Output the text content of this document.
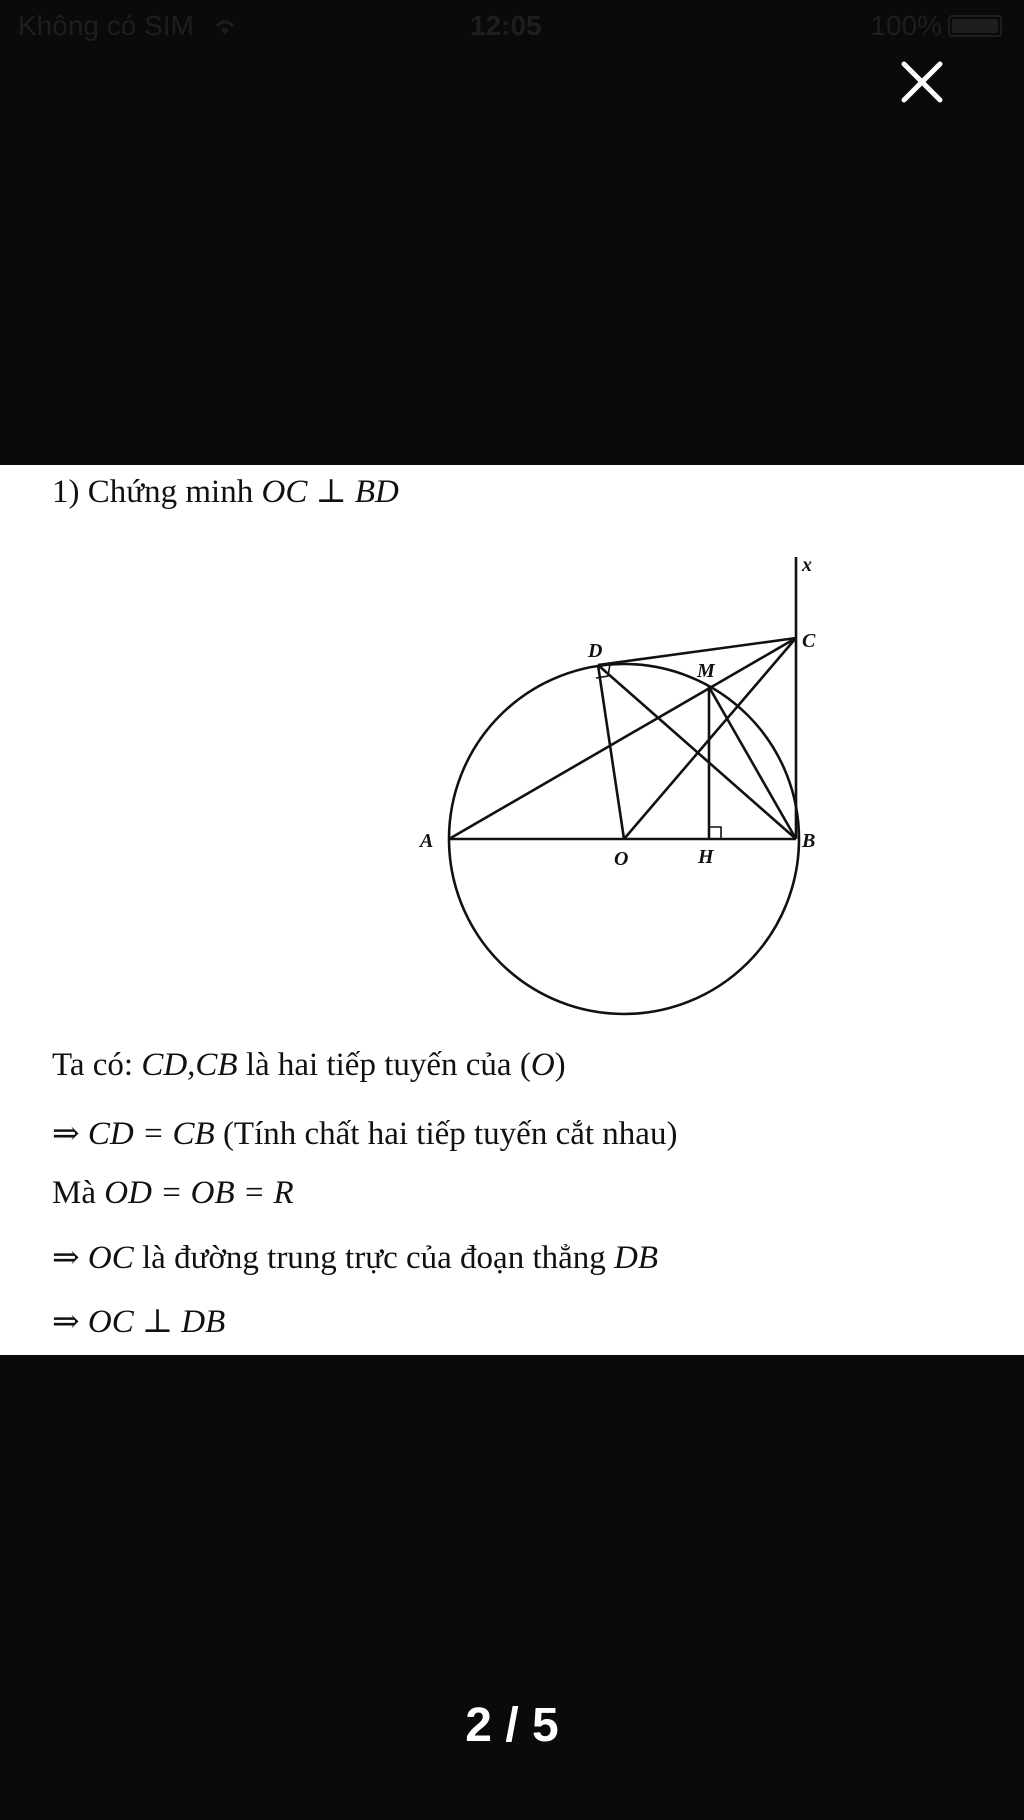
Không có SIM	12:05	100%
1) Chứng minh OC ⊥ BD
x
C
D
M
A
O	H
B
Ta có: CD,CB là hai tiếp tuyến của (O)
⇒ CD = CB (Tính chất hai tiếp tuyến cắt nhau)
Mà OD = OB = R
⇒ OC là đường trung trực của đoạn thẳng DB
⇒ OC ⊥ DB
2 / 5
